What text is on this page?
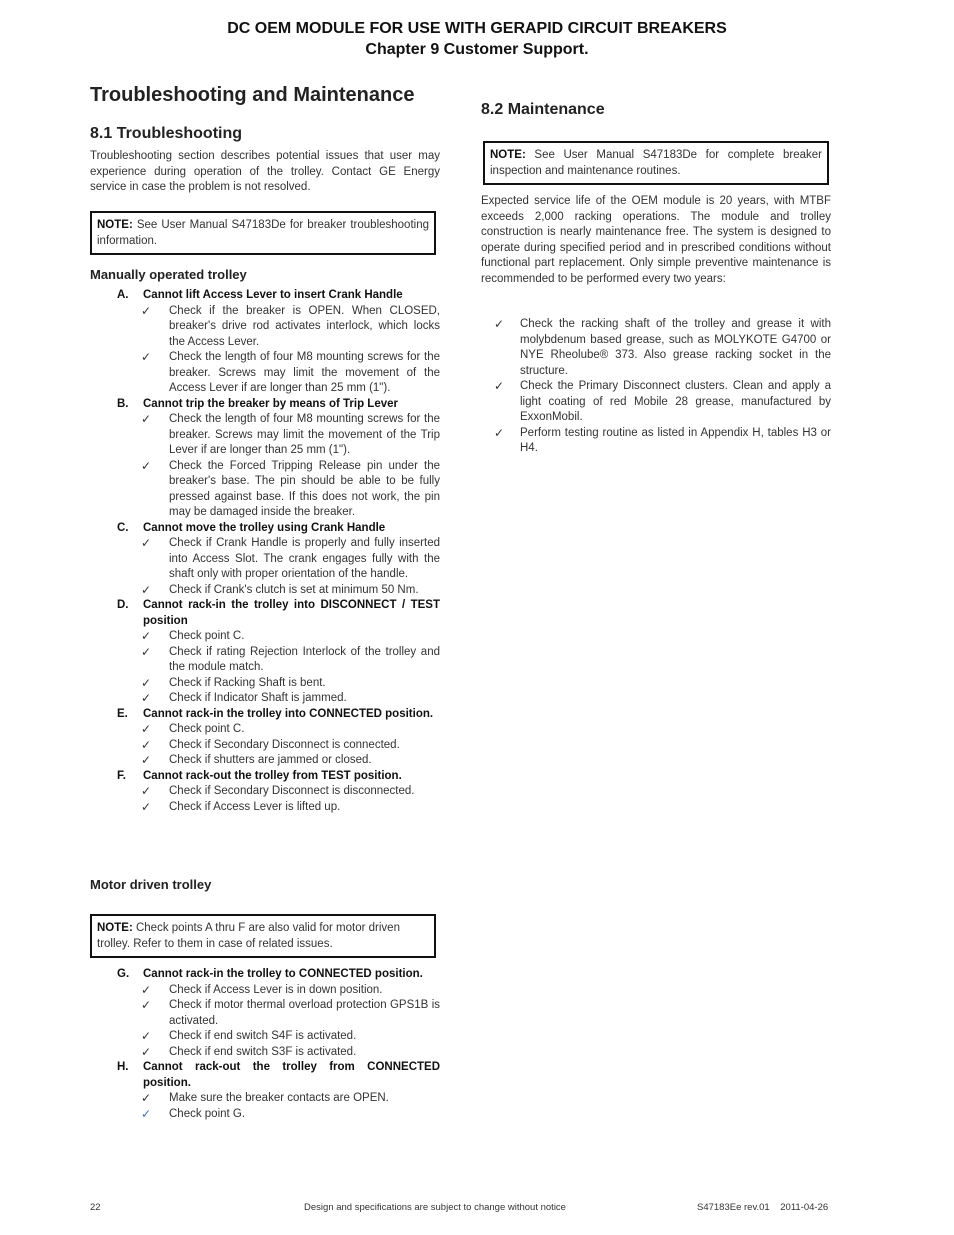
DC OEM MODULE FOR USE WITH GERAPID CIRCUIT BREAKERS
Chapter 9 Customer Support.
Troubleshooting and Maintenance
8.1 Troubleshooting

Troubleshooting section describes potential issues that user may experience during operation of the trolley. Contact GE Energy service in case the problem is not resolved.

NOTE: See User Manual S47183De for breaker troubleshooting information.
Manually operated trolley
A. Cannot lift Access Lever to insert Crank Handle
✓ Check if the breaker is OPEN. When CLOSED, breaker's drive rod activates interlock, which locks the Access Lever.
✓ Check the length of four M8 mounting screws for the breaker. Screws may limit the movement of the Access Lever if are longer than 25 mm (1").
B. Cannot trip the breaker by means of Trip Lever
✓ Check the length of four M8 mounting screws for the breaker. Screws may limit the movement of the Trip Lever if are longer than 25 mm (1").
✓ Check the Forced Tripping Release pin under the breaker's base. The pin should be able to be fully pressed against base. If this does not work, the pin may be damaged inside the breaker.
C. Cannot move the trolley using Crank Handle
✓ Check if Crank Handle is properly and fully inserted into Access Slot. The crank engages fully with the shaft only with proper orientation of the handle.
✓ Check if Crank's clutch is set at minimum 50 Nm.
D. Cannot rack-in the trolley into DISCONNECT / TEST position
✓ Check point C.
✓ Check if rating Rejection Interlock of the trolley and the module match.
✓ Check if Racking Shaft is bent.
✓ Check if Indicator Shaft is jammed.
E. Cannot rack-in the trolley into CONNECTED position.
✓ Check point C.
✓ Check if Secondary Disconnect is connected.
✓ Check if shutters are jammed or closed.
F. Cannot rack-out the trolley from TEST position.
✓ Check if Secondary Disconnect is disconnected.
✓ Check if Access Lever is lifted up.
Motor driven trolley
NOTE: Check points A thru F are also valid for motor driven trolley. Refer to them in case of related issues.
G. Cannot rack-in the trolley to CONNECTED position.
✓ Check if Access Lever is in down position.
✓ Check if motor thermal overload protection GPS1B is activated.
✓ Check if end switch S4F is activated.
✓ Check if end switch S3F is activated.
H. Cannot rack-out the trolley from CONNECTED position.
✓ Make sure the breaker contacts are OPEN.
✓ Check point G.
8.2 Maintenance
NOTE: See User Manual S47183De for complete breaker inspection and maintenance routines.

Expected service life of the OEM module is 20 years, with MTBF exceeds 2,000 racking operations. The module and trolley construction is nearly maintenance free. The system is designed to operate during specified period and in prescribed conditions without functional part replacement. Only simple preventive maintenance is recommended to be performed every two years:

✓ Check the racking shaft of the trolley and grease it with molybdenum based grease, such as MOLYKOTE G4700 or NYE Rheolube® 373. Also grease racking socket in the structure.
✓ Check the Primary Disconnect clusters. Clean and apply a light coating of red Mobile 28 grease, manufactured by ExxonMobil.
✓ Perform testing routine as listed in Appendix H, tables H3 or H4.
22	Design and specifications are subject to change without notice	S47183Ee rev.01    2011-04-26
